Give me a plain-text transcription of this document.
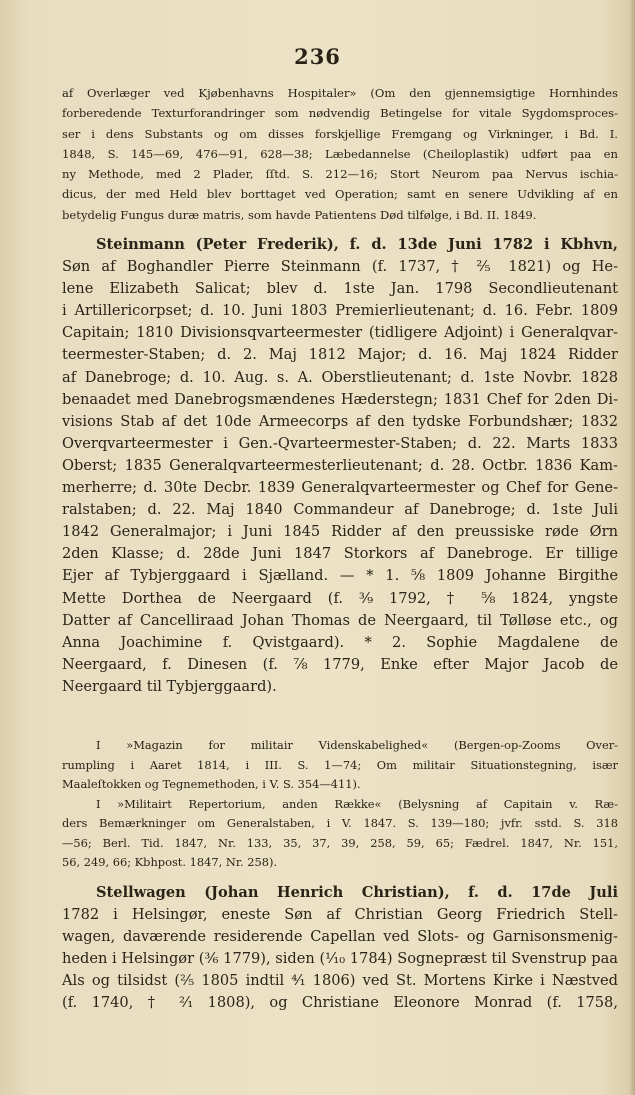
236
af Overlæger ved Kjøbenhavns Hospitaler» (Om den gjennemsigtige Hornhindes
forberedende Texturforandringer som nødvendig Betingelse for vitale Sygdomsproces-
ser i dens Substants og om disses forskjellige Fremgang og Virkninger, i Bd. I.
1848, S. 145—69, 476—91, 628—38; Læbedannelse (Cheiloplastik) udført paa en
ny Methode, med 2 Plader, ſſtd. S. 212—16; Stort Neurom paa Nervus ischia-
dicus, der med Held blev borttaget ved Operation; samt en senere Udvikling af en
betydelig Fungus duræ matris, som havde Patientens Død tilfølge, i Bd. II. 1849.
Steinmann (Peter Frederik), f. d. 13de Juni 1782 i Kbhvn,
Søn af Boghandler Pierre Steinmann (f. 1737, † ⅖ 1821) og He-
lene Elizabeth Salicat; blev d. 1ste Jan. 1798 Secondlieutenant
i Artillericorpset; d. 10. Juni 1803 Premierlieutenant; d. 16. Febr. 1809
Capitain; 1810 Divisionsqvarteermester (tidligere Adjoint) i Generalqvar-
teermester-Staben; d. 2. Maj 1812 Major; d. 16. Maj 1824 Ridder
af Danebroge; d. 10. Aug. s. A. Oberstlieutenant; d. 1ste Novbr. 1828
benaadet med Danebrogsmændenes Hæderstegn; 1831 Chef for 2den Di-
visions Stab af det 10de Armeecorps af den tydske Forbundshær; 1832
Overqvarteermester i Gen.-Qvarteermester-Staben; d. 22. Marts 1833
Oberst; 1835 Generalqvarteermesterlieutenant; d. 28. Octbr. 1836 Kam-
merherre; d. 30te Decbr. 1839 Generalqvarteermester og Chef for Gene-
ralstaben; d. 22. Maj 1840 Commandeur af Danebroge; d. 1ste Juli
1842 Generalmajor; i Juni 1845 Ridder af den preussiske røde Ørn
2den Klasse; d. 28de Juni 1847 Storkors af Danebroge. Er tillige
Ejer af Tybjerggaard i Sjælland. — * 1. ⅝ 1809 Johanne Birgithe
Mette Dorthea de Neergaard (f. ³⁄₉ 1792, † ⅝ 1824, yngste
Datter af Cancelliraad Johan Thomas de Neergaard, til Tølløse etc., og
Anna Joachimine f. Qvistgaard). * 2. Sophie Magdalene de
Neergaard, f. Dinesen (f. ⅞ 1779, Enke efter Major Jacob de
Neergaard til Tybjerggaard).
I »Magazin for militair Videnskabelighed« (Bergen-op-Zooms Over-
rumpling i Aaret 1814, i III. S. 1—74; Om militair Situationstegning, især
Maaleſtokken og Tegnemethoden, i V. S. 354—411).
I »Militairt Repertorium, anden Række« (Belysning af Capitain v. Ræ-
ders Bemærkninger om Generalstaben, i V. 1847. S. 139—180; jvfr. sstd. S. 318
—56; Berl. Tid. 1847, Nr. 133, 35, 37, 39, 258, 59, 65; Fædrel. 1847, Nr. 151,
56, 249, 66; Kbhpost. 1847, Nr. 258).
Stellwagen (Johan Henrich Christian), f. d. 17de Juli
1782 i Helsingør, eneste Søn af Christian Georg Friedrich Stell-
wagen, daværende residerende Capellan ved Slots- og Garnisonsmenig-
heden i Helsingør (³⁄₆ 1779), siden (¹⁄₁₀ 1784) Sognepræst til Svenstrup paa
Als og tilsidst (²⁄₅ 1805 indtil ⁴⁄₁ 1806) ved St. Mortens Kirke i Næstved
(f. 1740, † ²⁄₁ 1808), og Christiane Eleonore Monrad (f. 1758,
